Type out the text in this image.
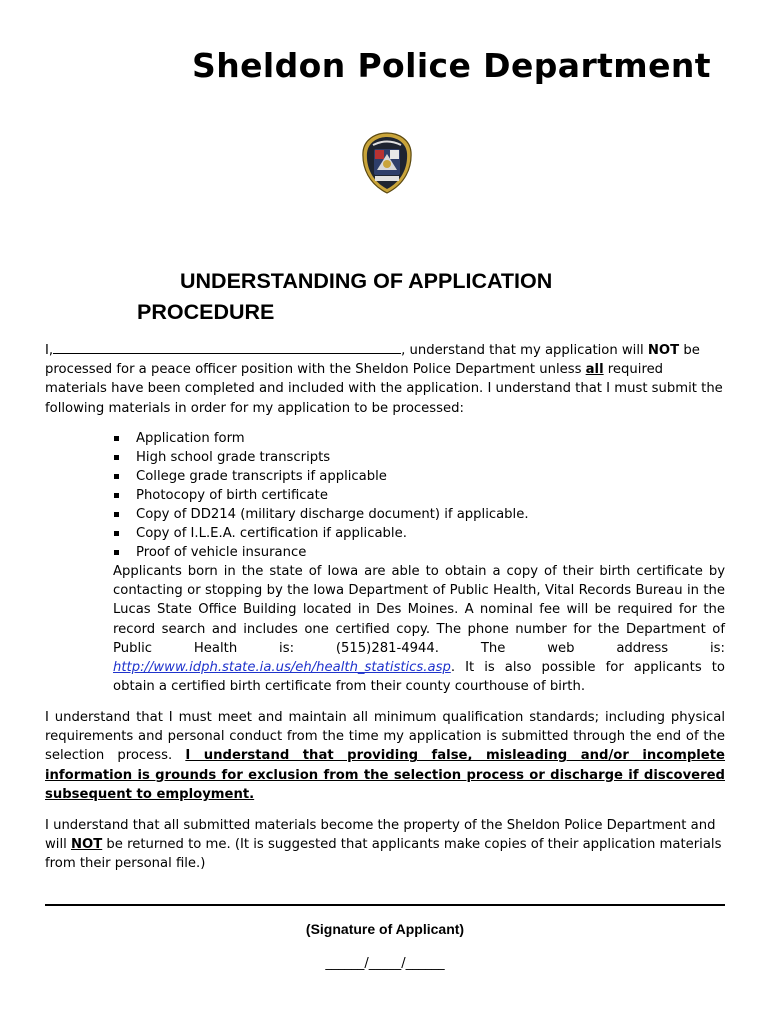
Sheldon Police Department
UNDERSTANDING OF APPLICATION
PROCEDURE
I,	, understand that my application will NOT be processed for a peace officer position with the Sheldon Police Department unless all required materials have been completed and included with the application. I understand that I must submit the following materials in order for my application to be processed:
Application form
High school grade transcripts
College grade transcripts if applicable
Photocopy of birth certificate
Copy of DD214 (military discharge document) if applicable.
Copy of I.L.E.A. certification if applicable.
Proof of vehicle insurance
Applicants born in the state of Iowa are able to obtain a copy of their birth certificate by contacting or stopping by the Iowa Department of Public Health, Vital Records Bureau in the Lucas State Office Building located in Des Moines. A nominal fee will be required for the record search and includes one certified copy. The phone number for the Department of Public Health is: (515)281-4944. The web address is: http://www.idph.state.ia.us/eh/health_statistics.asp. It is also possible for applicants to obtain a certified birth certificate from their county courthouse of birth.
I understand that I must meet and maintain all minimum qualification standards; including physical requirements and personal conduct from the time my application is submitted through the end of the selection process. I understand that providing false, misleading and/or incomplete information is grounds for exclusion from the selection process or discharge if discovered subsequent to employment.
I understand that all submitted materials become the property of the Sheldon Police Department and will NOT be returned to me. (It is suggested that applicants make copies of their application materials from their personal file.)
(Signature of Applicant)
______/_____/______
